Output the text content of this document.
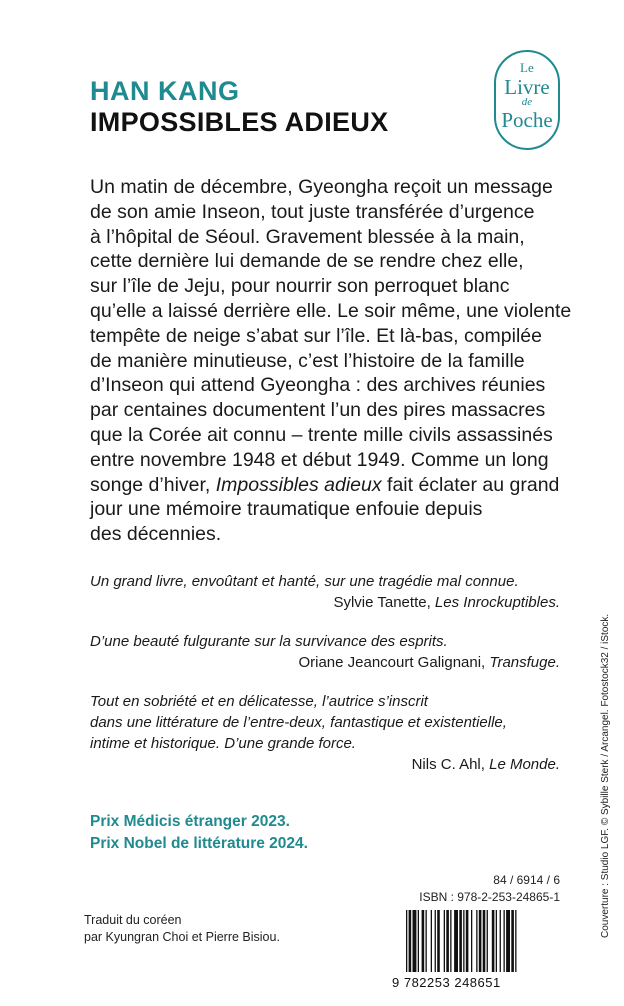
HAN KANG
IMPOSSIBLES ADIEUX
Le
Livre
de
Poche
Un matin de décembre, Gyeongha reçoit un message
de son amie Inseon, tout juste transférée d’urgence
à l’hôpital de Séoul. Gravement blessée à la main,
cette dernière lui demande de se rendre chez elle,
sur l’île de Jeju, pour nourrir son perroquet blanc
qu’elle a laissé derrière elle. Le soir même, une violente
tempête de neige s’abat sur l’île. Et là-bas, compilée
de manière minutieuse, c’est l’histoire de la famille
d’Inseon qui attend Gyeongha : des archives réunies
par centaines documentent l’un des pires massacres
que la Corée ait connu – trente mille civils assassinés
entre novembre 1948 et début 1949. Comme un long
songe d’hiver, Impossibles adieux fait éclater au grand
jour une mémoire traumatique enfouie depuis
des décennies.
Un grand livre, envoûtant et hanté, sur une tragédie mal connue.
Sylvie Tanette, Les Inrockuptibles.
D’une beauté fulgurante sur la survivance des esprits.
Oriane Jeancourt Galignani, Transfuge.
Tout en sobriété et en délicatesse, l’autrice s’inscrit
dans une littérature de l’entre-deux, fantastique et existentielle,
intime et historique. D’une grande force.
Nils C. Ahl, Le Monde.
Prix Médicis étranger 2023.
Prix Nobel de littérature 2024.
84 / 6914 / 6
ISBN : 978-2-253-24865-1
9 782253 248651
Traduit du coréen
par Kyungran Choi et Pierre Bisiou.	Couverture : Studio LGF. © Sybille Sterk / Arcangel. Fotostock32 / iStock.
